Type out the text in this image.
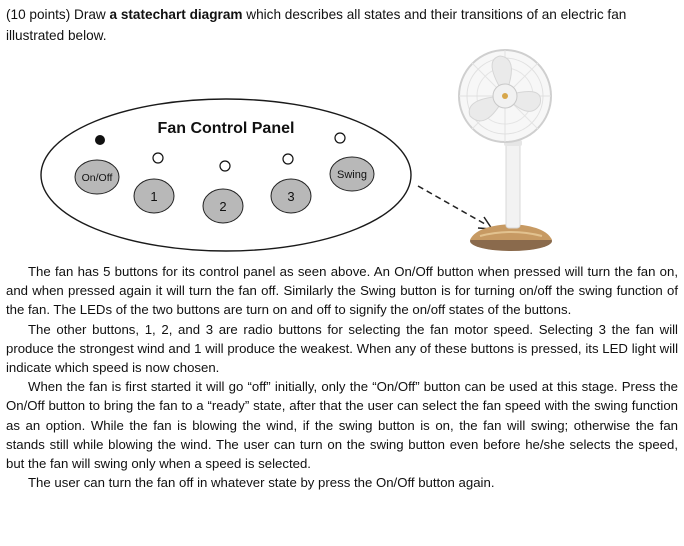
(10 points) Draw a statechart diagram which describes all states and their transitions of an electric fan illustrated below.
Fan Control Panel
On/Off
1
2
3
Swing

The fan has 5 buttons for its control panel as seen above. An On/Off button when pressed will turn the fan on, and when pressed again it will turn the fan off. Similarly the Swing button is for turning on/off the swing function of the fan. The LEDs of the two buttons are turn on and off to signify the on/off states of the buttons.

The other buttons, 1, 2, and 3 are radio buttons for selecting the fan motor speed. Selecting 3 the fan will produce the strongest wind and 1 will produce the weakest. When any of these buttons is pressed, its LED light will indicate which speed is now chosen.

When the fan is first started it will go “off” initially, only the “On/Off” button can be used at this stage. Press the On/Off button to bring the fan to a “ready” state, after that the user can select the fan speed with the swing function as an option. While the fan is blowing the wind, if the swing button is on, the fan will swing; otherwise the fan stands still while blowing the wind. The user can turn on the swing button even before he/she selects the speed, but the fan will swing only when a speed is selected.

The user can turn the fan off in whatever state by press the On/Off button again.
